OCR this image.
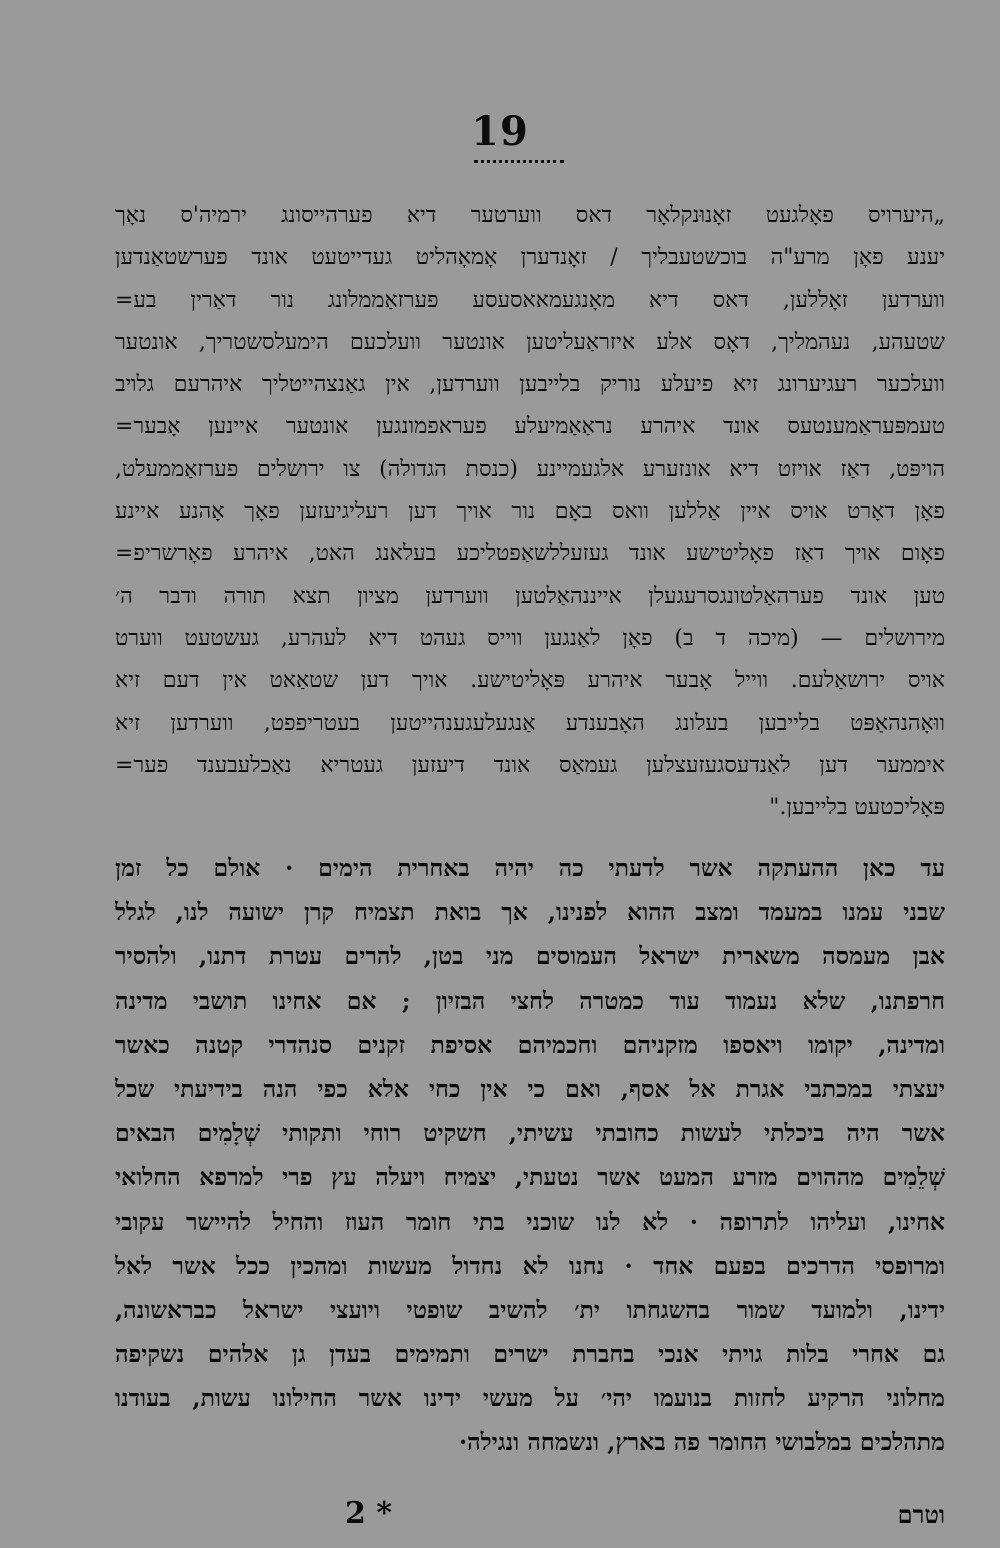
19
„היערויס פאָלגעט זאָנוּנקלאָר דאס ווערטער דיא פערהייסונג ירמיה'ס נאָך
יענע פאָן מרע"ה בוכשטעבליך / זאָנדערן אָמאָהליט געדייטעט אונד פערשטאַנדען
ווערדען זאָללען, דאס דיא מאָנגעמאאסעסע פערזאַממלונג נור דאַרין בע=
שטעהע, נעהמליך, דאָס אלע איזראַעליטען אונטער וועלכעם הימעלסשטריך, אונטער
וועלכער רעגיערונג זיא פיעלע נוריק בלייבען ווערדען, אין גאַנצהייטליך איהרעם גלױב
טעמפּעראַמענטעס אונד איהרע נראַאַמיעלע פעראפמונגען אונטער איינען אָבער=
הויפּט, דאַז אויזט דיא אונזערע אלגעמיינע (כנסת הגדולה) צו ירושלים פערזאַממעלט,
פאָן דאָרט אויס איין אַללען וואס באָם נור אויך דען רעליגיעזען פאָך אָהנע איינע
פאָום אויך דאַז פאָליטישע אונד געזעללשאַפטליכע בעלאנג האט, איהרע פאָרשריפ=
טען אונד פערהאַלטונגסרעגעלן אייננהאַלטען ווערדען מציון תצא תורה ודבר ה׳
מירושלים — (מיכה ד ב) פאָן לאַנגען ווייס געהט דיא לעהרע, געשטעט ווערט
אויס ירושאַלעם. ווייל אָבער איהרע פּאָליטישע. אויך דען שטאַאט אין דעם זיא
ווּאָהנהאַפּט בלייבען בעלונג האָבענדע אַנגעלעגענהייטען בעטריפפט, ווערדען זיא
איממער דען לאַנדעסגעזעצלען געמאַס אונד דיעזען געטריא נאַכלעבענד פער=
פּאָליכטעט בלייבען."
עד כאן ההעתקה אשר לדעתי כה יהיה באחרית הימים · אולם כל זמן
שבני עמנו במעמד ומצב ההוא לפנינו, אך בואת תצמיח קרן ישועה לנו, לגלל
אבן מעמסה משארית ישראל העמוסים מני בטן, להרים עטרת דתנו, ולהסיר
חרפתנו, שלא נעמוד עוד כמטרה לחצי הבזיון ; אם אחינו תושבי מדינה
ומדינה, יקומו ויאספו מזקניהם וחכמיהם אסיפת זקנים סנהדרי קטנה כאשר
יעצתי במכתבי אגרת אל אסף, ואם כי אין כחי אלא כפי הנה בידיעתי שכל
אשר היה ביכלתי לעשות כחובתי עשיתי, חשקיט רוחי ותקותי שְׁלָמִים הבאים
שְׁלֵמִים מההוים מזרע המעט אשר נטעתי, יצמיח ויעלה עץ פרי למרפא החלואי
אחינו, ועליהו לתרופה · לא לנו שוכני בתי חומר העוז והחיל להיישר עקובי
ומרופסי הדרכים בפעם אחד · נחנו לא נחדול מעשות ומהכין ככל אשר לאל
ידינו, ולמועד שמור בהשגחתו ית׳ להשיב שופטי ויועצי ישראל כבראשונה,
גם אחרי בלות גויתי אנכי בחברת ישרים ותמימים בעדן גן אלהים נשקיפה
מחלוני הרקיע לחזות בנועמו יהי׳ על מעשי ידינו אשר החילונו עשות, בעודנו
מתהלכים במלבושי החומר פה בארץ, ונשמחה ונגילה·
2 *	וטרם
